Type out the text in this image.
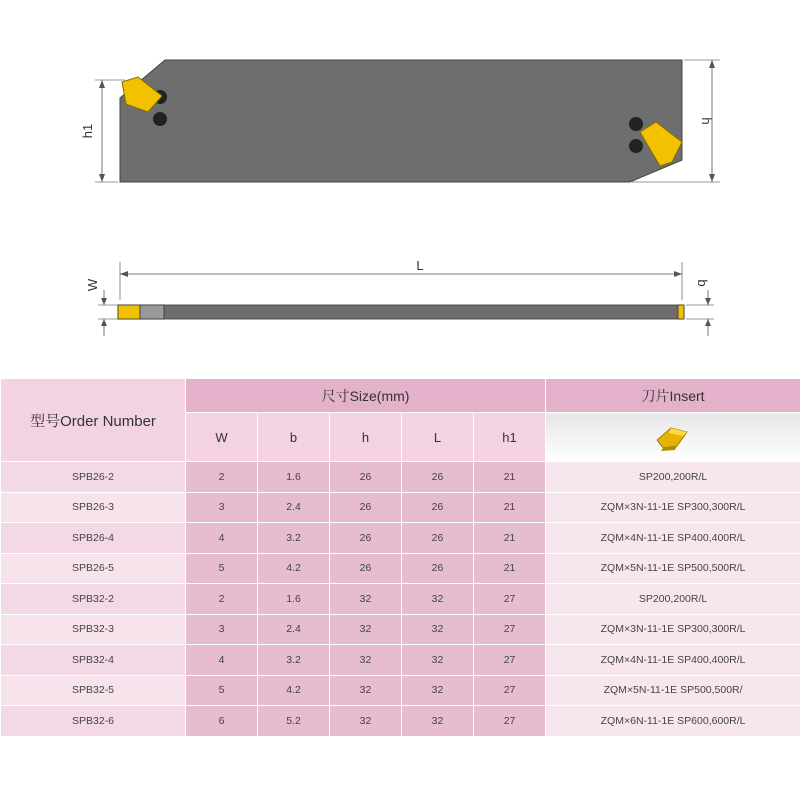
h1
h
L
W	b
型号Order Number	尺寸Size(mm)					刀片Insert
	W	b	h	L	h1	
SPB26-2	2	1.6	26	26	21	SP200,200R/L
SPB26-3	3	2.4	26	26	21	ZQM×3N-11-1E SP300,300R/L
SPB26-4	4	3.2	26	26	21	ZQM×4N-11-1E SP400,400R/L
SPB26-5	5	4.2	26	26	21	ZQM×5N-11-1E SP500,500R/L
SPB32-2	2	1.6	32	32	27	SP200,200R/L
SPB32-3	3	2.4	32	32	27	ZQM×3N-11-1E SP300,300R/L
SPB32-4	4	3.2	32	32	27	ZQM×4N-11-1E SP400,400R/L
SPB32-5	5	4.2	32	32	27	ZQM×5N-11-1E SP500,500R/
SPB32-6	6	5.2	32	32	27	ZQM×6N-11-1E SP600,600R/L
